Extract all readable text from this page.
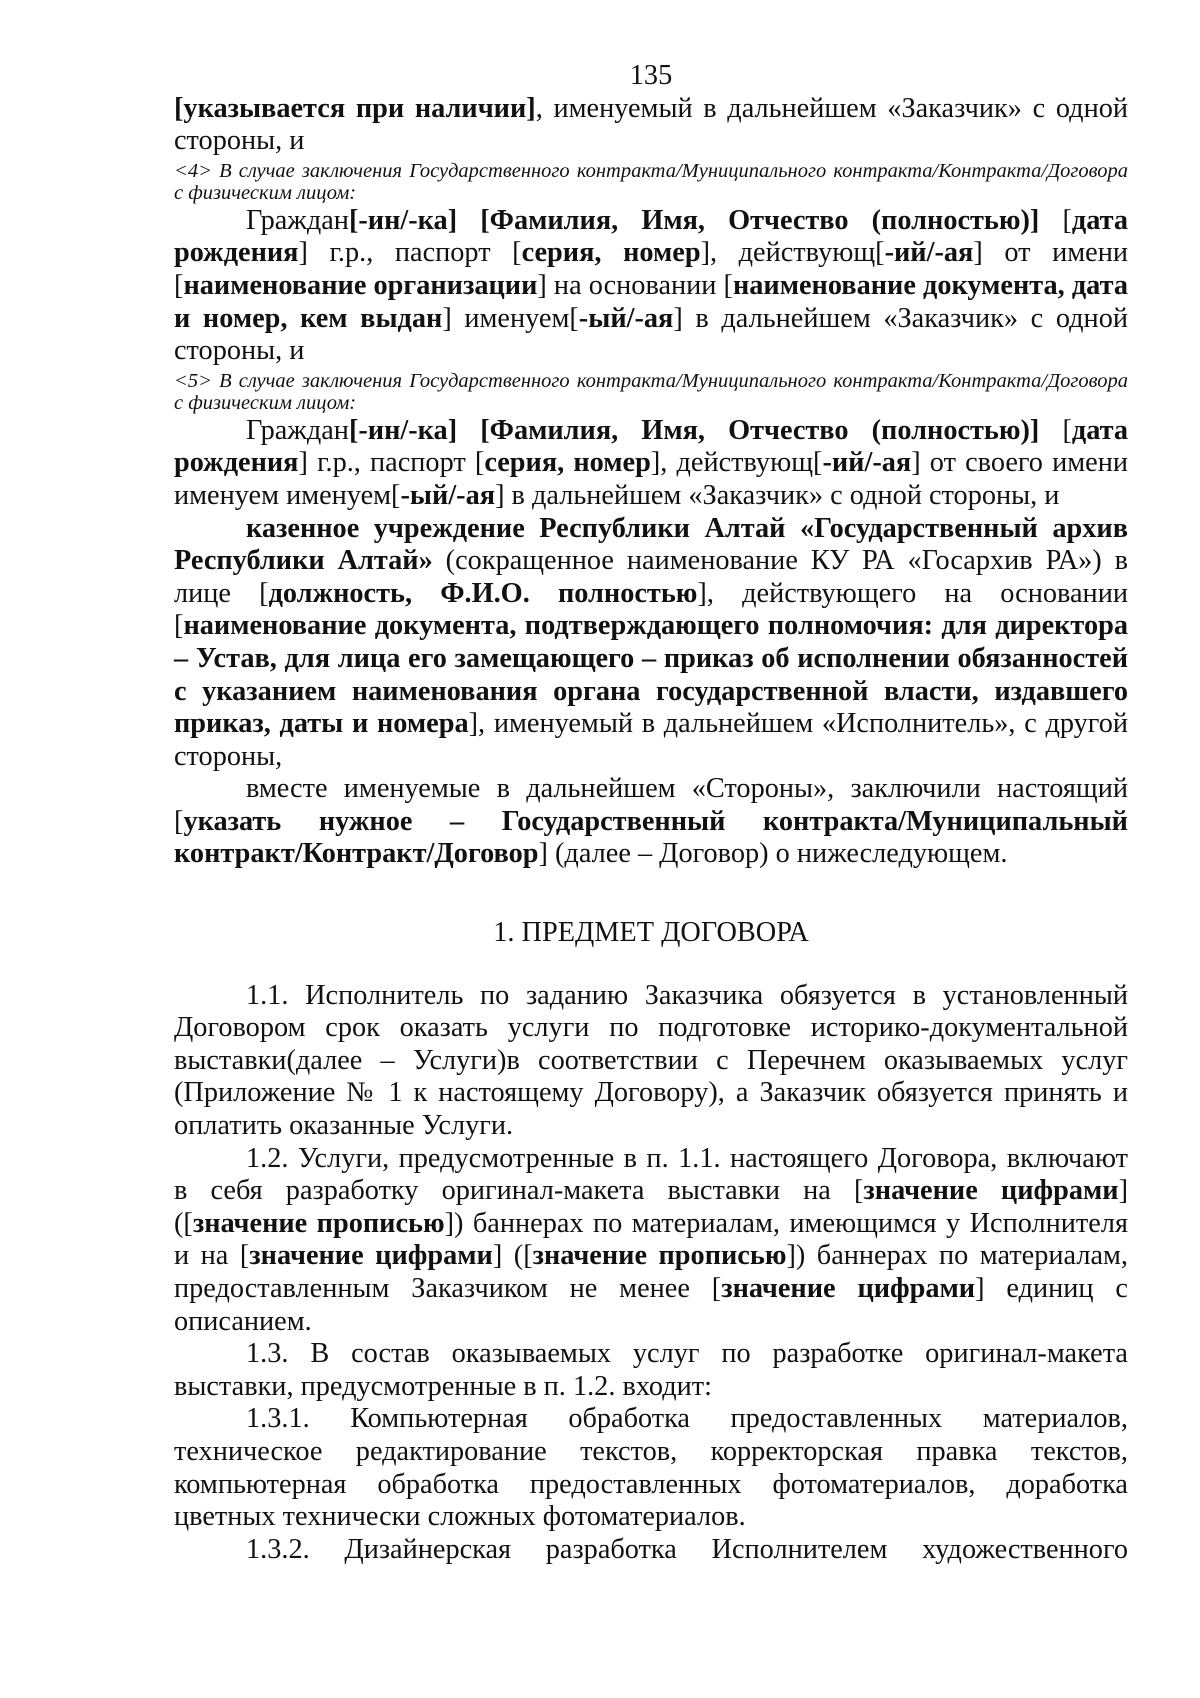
135

[указывается при наличии], именуемый в дальнейшем «Заказчик» с одной стороны, и

<4> В случае заключения Государственного контракта/Муниципального контракта/Контракта/Договора с физическим лицом:

Граждан[-ин/-ка] [Фамилия, Имя, Отчество (полностью)] [дата рождения] г.р., паспорт [серия, номер], действующ[-ий/-ая] от имени [наименование организации] на основании [наименование документа, дата и номер, кем выдан] именуем[-ый/-ая] в дальнейшем «Заказчик» с одной стороны, и

<5> В случае заключения Государственного контракта/Муниципального контракта/Контракта/Договора с физическим лицом:

Граждан[-ин/-ка] [Фамилия, Имя, Отчество (полностью)] [дата рождения] г.р., паспорт [серия, номер], действующ[-ий/-ая] от своего имени именуем именуем[-ый/-ая] в дальнейшем «Заказчик» с одной стороны, и

казенное учреждение Республики Алтай «Государственный архив Республики Алтай» (сокращенное наименование КУ РА «Госархив РА») в лице [должность, Ф.И.О. полностью], действующего на основании [наименование документа, подтверждающего полномочия: для директора – Устав, для лица его замещающего – приказ об исполнении обязанностей с указанием наименования органа государственной власти, издавшего приказ, даты и номера], именуемый в дальнейшем «Исполнитель», с другой стороны,

вместе именуемые в дальнейшем «Стороны», заключили настоящий [указать нужное – Государственный контракта/Муниципальный контракт/Контракт/Договор] (далее – Договор) о нижеследующем.

1. ПРЕДМЕТ ДОГОВОРА

1.1. Исполнитель по заданию Заказчика обязуется в установленный Договором срок оказать услуги по подготовке историко-документальной выставки(далее – Услуги)в соответствии с Перечнем оказываемых услуг (Приложение № 1 к настоящему Договору), а Заказчик обязуется принять и оплатить оказанные Услуги.

1.2. Услуги, предусмотренные в п. 1.1. настоящего Договора, включают в себя разработку оригинал-макета выставки на [значение цифрами] ([значение прописью]) баннерах по материалам, имеющимся у Исполнителя и на [значение цифрами] ([значение прописью]) баннерах по материалам, предоставленным Заказчиком не менее [значение цифрами] единиц с описанием.

1.3. В состав оказываемых услуг по разработке оригинал-макета выставки, предусмотренные в п. 1.2. входит:

1.3.1. Компьютерная обработка предоставленных материалов, техническое редактирование текстов, корректорская правка текстов, компьютерная обработка предоставленных фотоматериалов, доработка цветных технически сложных фотоматериалов.

1.3.2. Дизайнерская разработка Исполнителем художественного
